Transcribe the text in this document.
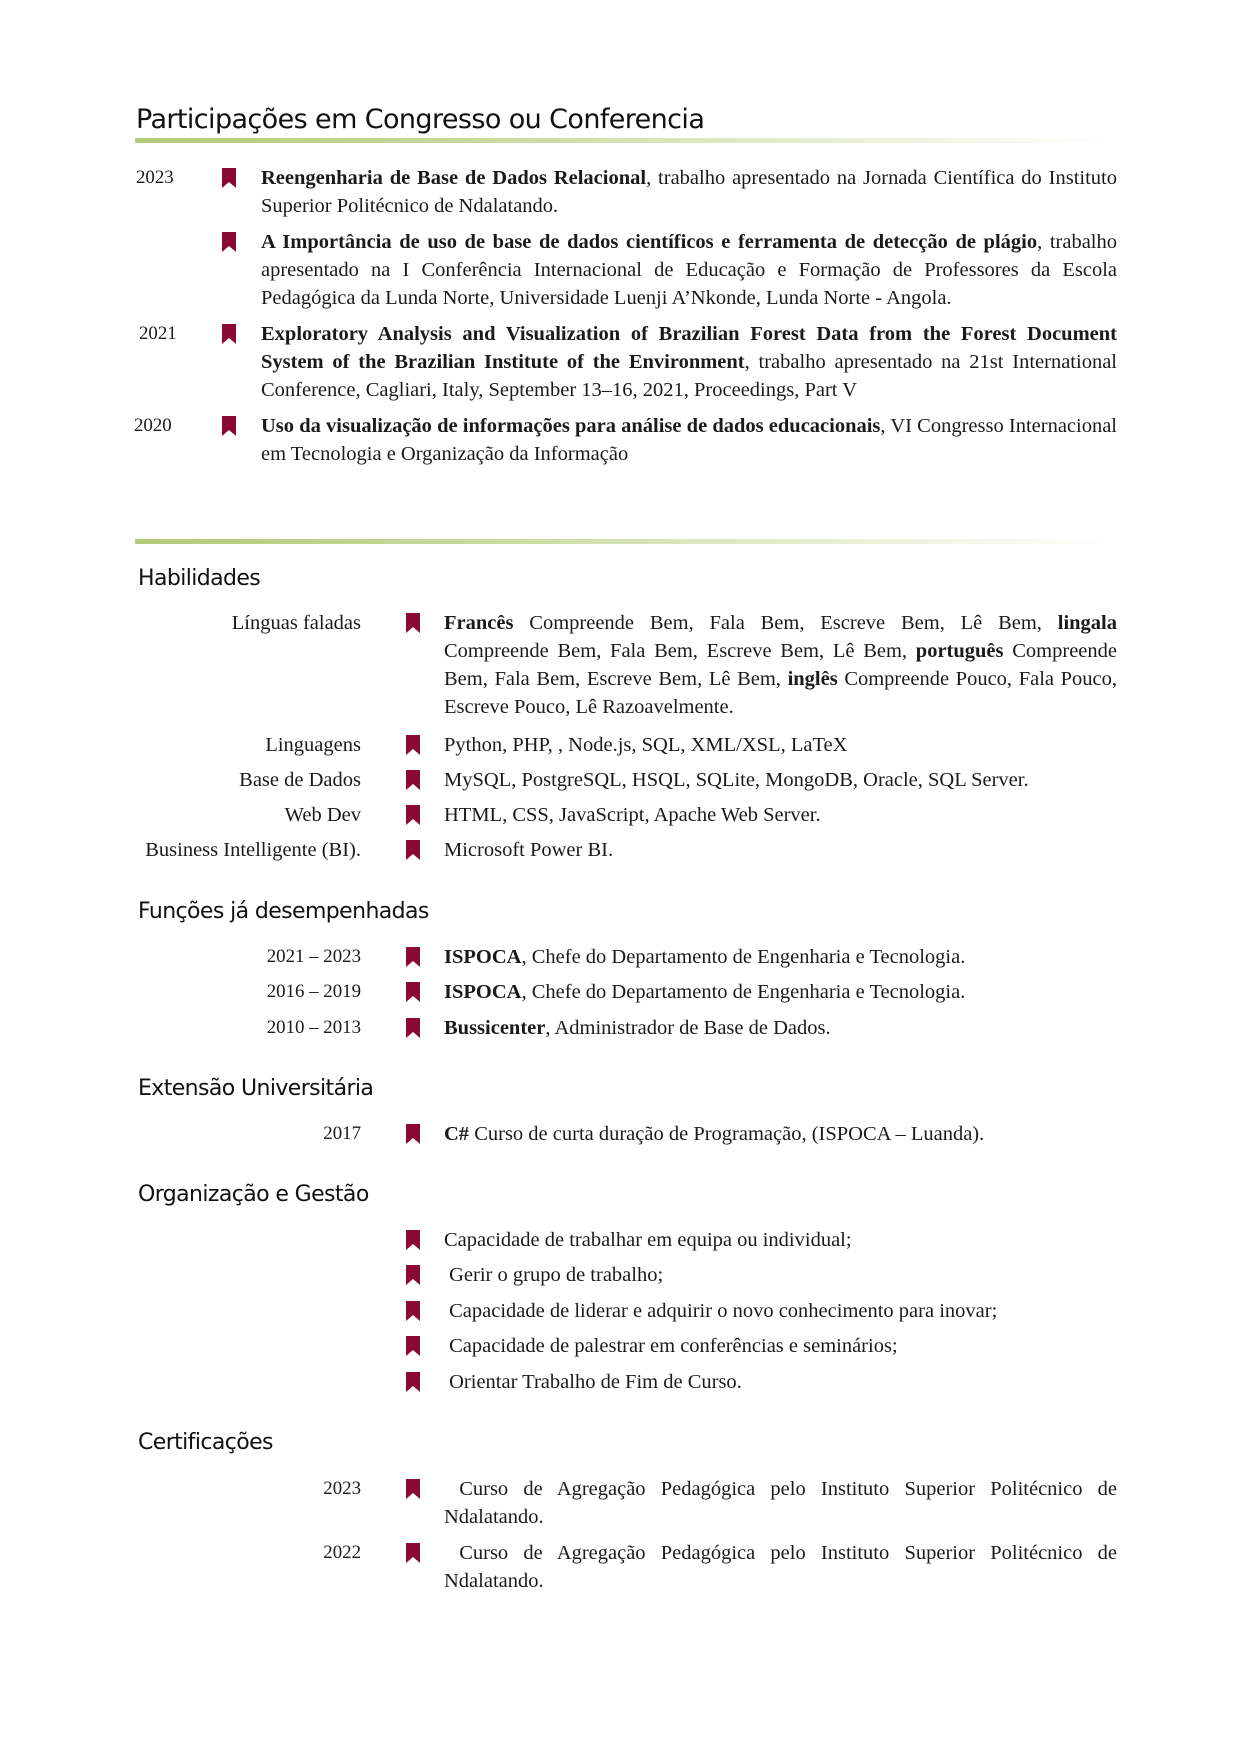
Participações em Congresso ou Conferencia
2023	Reengenharia de Base de Dados Relacional, trabalho apresentado na Jornada Científica do Instituto Superior Politécnico de Ndalatando.
A Importância de uso de base de dados científicos e ferramenta de detecção de plágio, trabalho apresentado na I Conferência Internacional de Educação e Formação de Professores da Escola Pedagógica da Lunda Norte, Universidade Luenji A’Nkonde, Lunda Norte - Angola.
2021	Exploratory Analysis and Visualization of Brazilian Forest Data from the Forest Document System of the Brazilian Institute of the Environment, trabalho apresentado na 21st International Conference, Cagliari, Italy, September 13–16, 2021, Proceedings, Part V
2020	Uso da visualização de informações para análise de dados educacionais, VI Congresso Internacional em Tecnologia e Organização da Informação
Habilidades
Línguas faladas	Francês Compreende Bem, Fala Bem, Escreve Bem, Lê Bem, lingala Compreende Bem, Fala Bem, Escreve Bem, Lê Bem, português Compreende Bem, Fala Bem, Escreve Bem, Lê Bem, inglês Compreende Pouco, Fala Pouco, Escreve Pouco, Lê Razoavelmente.
Linguagens	Python, PHP, , Node.js, SQL, XML/XSL, LaTeX
Base de Dados	MySQL, PostgreSQL, HSQL, SQLite, MongoDB, Oracle, SQL Server.
Web Dev	HTML, CSS, JavaScript, Apache Web Server.
Business Intelligente (BI).	Microsoft Power BI.
Funções já desempenhadas
2021 – 2023	ISPOCA, Chefe do Departamento de Engenharia e Tecnologia.
2016 – 2019	ISPOCA, Chefe do Departamento de Engenharia e Tecnologia.
2010 – 2013	Bussicenter, Administrador de Base de Dados.
Extensão Universitária
2017	C# Curso de curta duração de Programação, (ISPOCA – Luanda).
Organização e Gestão
Capacidade de trabalhar em equipa ou individual;
Gerir o grupo de trabalho;
Capacidade de liderar e adquirir o novo conhecimento para inovar;
Capacidade de palestrar em conferências e seminários;
Orientar Trabalho de Fim de Curso.
Certificações
2023	Curso de Agregação Pedagógica pelo Instituto Superior Politécnico de Ndalatando.
2022	Curso de Agregação Pedagógica pelo Instituto Superior Politécnico de Ndalatando.
